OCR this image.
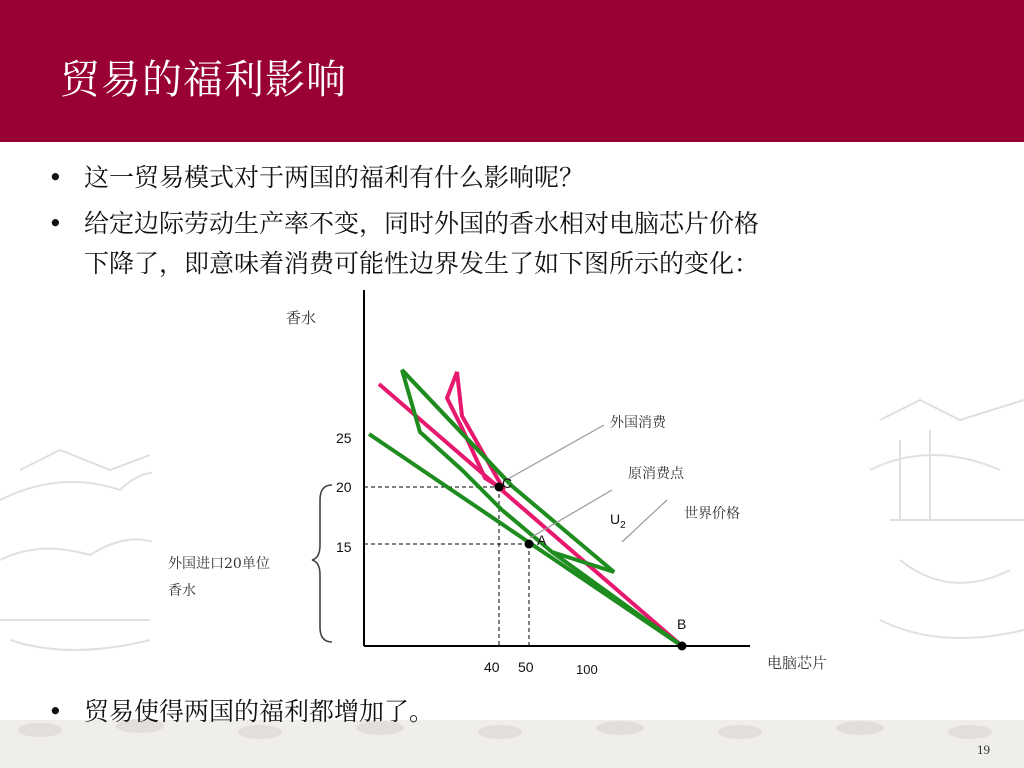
贸易的福利影响
• 这一贸易模式对于两国的福利有什么影响呢？
• 给定边际劳动生产率不变，同时外国的香水相对电脑芯片价格
下降了，即意味着消费可能性边界发生了如下图所示的变化：
C
A
B
香水
电脑芯片
25
20
15
40 50	100
外国消费
原消费点
$U_2$
世界价格
外国进口20单位
香水
• 贸易使得两国的福利都增加了。
19
